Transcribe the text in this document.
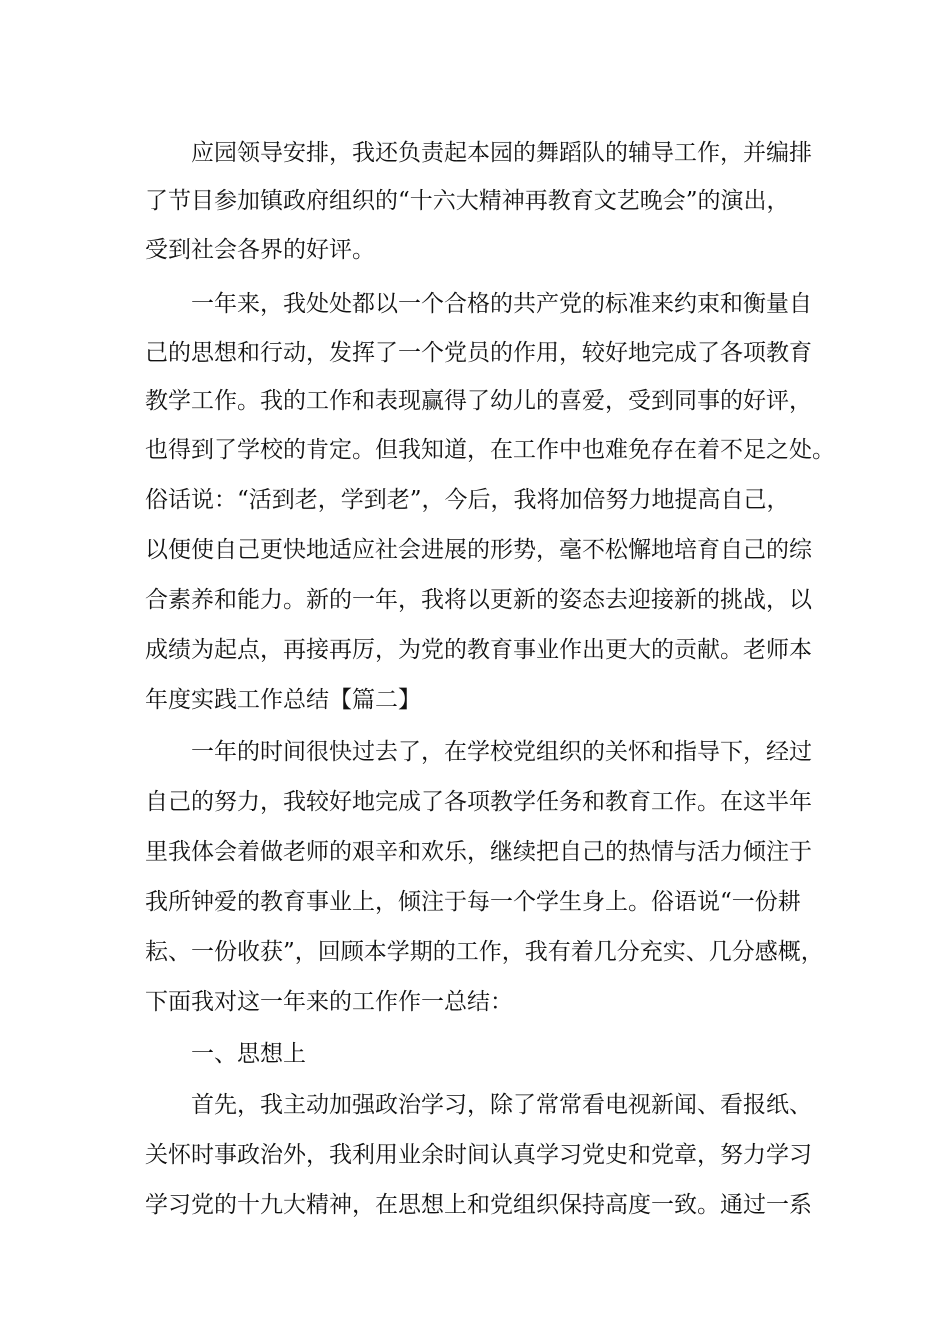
应园领导安排，我还负责起本园的舞蹈队的辅导工作，并编排
了节目参加镇政府组织的“十六大精神再教育文艺晚会”的演出，
受到社会各界的好评。
一年来，我处处都以一个合格的共产党的标准来约束和衡量自
己的思想和行动，发挥了一个党员的作用，较好地完成了各项教育
教学工作。我的工作和表现赢得了幼儿的喜爱，受到同事的好评，
也得到了学校的肯定。但我知道，在工作中也难免存在着不足之处。
俗话说：“活到老，学到老”，今后，我将加倍努力地提高自己，
以便使自己更快地适应社会进展的形势，毫不松懈地培育自己的综
合素养和能力。新的一年，我将以更新的姿态去迎接新的挑战，以
成绩为起点，再接再厉，为党的教育事业作出更大的贡献。老师本
年度实践工作总结【篇二】
一年的时间很快过去了，在学校党组织的关怀和指导下，经过
自己的努力，我较好地完成了各项教学任务和教育工作。在这半年
里我体会着做老师的艰辛和欢乐，继续把自己的热情与活力倾注于
我所钟爱的教育事业上，倾注于每一个学生身上。俗语说“一份耕
耘、一份收获”，回顾本学期的工作，我有着几分充实、几分感概，
下面我对这一年来的工作作一总结：
一、思想上
首先，我主动加强政治学习，除了常常看电视新闻、看报纸、
关怀时事政治外，我利用业余时间认真学习党史和党章，努力学习
学习党的十九大精神，在思想上和党组织保持高度一致。通过一系
